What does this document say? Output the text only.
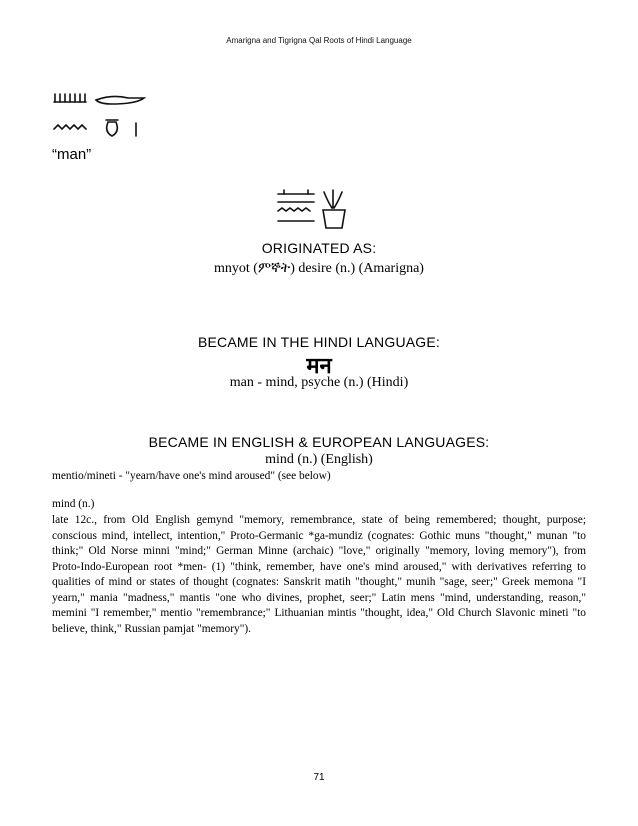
Amarigna and Tigrigna Qal Roots of Hindi Language
“man”
ORIGINATED AS:
mnyot (ምኞት) desire (n.) (Amarigna)
BECAME IN THE HINDI LANGUAGE:
मन
man - mind, psyche (n.) (Hindi)
BECAME IN ENGLISH & EUROPEAN LANGUAGES:
mind (n.) (English)
mentio/mineti - "yearn/have one's mind aroused" (see below)
mind (n.)
late 12c., from Old English gemynd "memory, remembrance, state of being remembered; thought, purpose; conscious mind, intellect, intention," Proto-Germanic *ga-mundiz (cognates: Gothic muns "thought," munan "to think;" Old Norse minni "mind;" German Minne (archaic) "love," originally "memory, loving memory"), from Proto-Indo-European root *men- (1) "think, remember, have one's mind aroused," with derivatives referring to qualities of mind or states of thought (cognates: Sanskrit matih "thought," munih "sage, seer;" Greek memona "I yearn," mania "madness," mantis "one who divines, prophet, seer;" Latin mens "mind, understanding, reason," memini "I remember," mentio "remembrance;" Lithuanian mintis "thought, idea," Old Church Slavonic mineti "to believe, think," Russian pamjat "memory").
71
